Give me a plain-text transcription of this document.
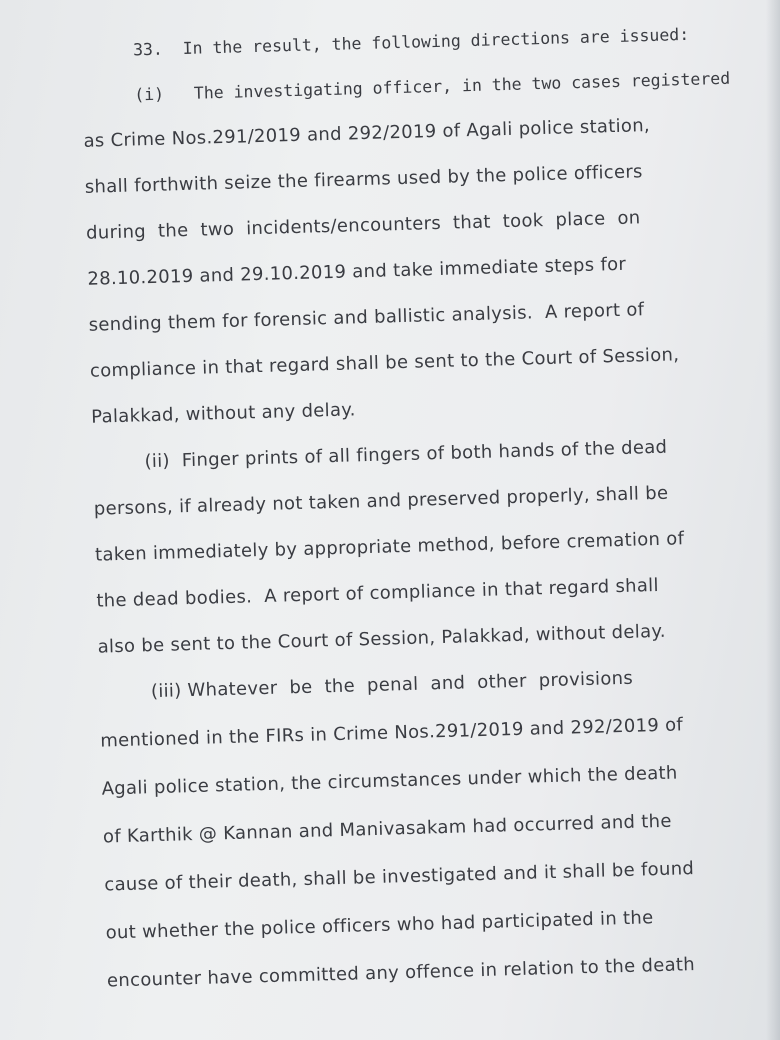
33.  In the result, the following directions are issued:
(i)   The investigating officer, in the two cases registered
as Crime Nos.291/2019 and 292/2019 of Agali police station,
shall forthwith seize the firearms used by the police officers
during  the  two  incidents/encounters  that  took  place  on
28.10.2019 and 29.10.2019 and take immediate steps for
sending them for forensic and ballistic analysis.  A report of
compliance in that regard shall be sent to the Court of Session,
Palakkad, without any delay.
(ii)  Finger prints of all fingers of both hands of the dead
persons, if already not taken and preserved properly, shall be
taken immediately by appropriate method, before cremation of
the dead bodies.  A report of compliance in that regard shall
also be sent to the Court of Session, Palakkad, without delay.
(iii) Whatever  be  the  penal  and  other  provisions
mentioned in the FIRs in Crime Nos.291/2019 and 292/2019 of
Agali police station, the circumstances under which the death
of Karthik @ Kannan and Manivasakam had occurred and the
cause of their death, shall be investigated and it shall be found
out whether the police officers who had participated in the
encounter have committed any offence in relation to the death
